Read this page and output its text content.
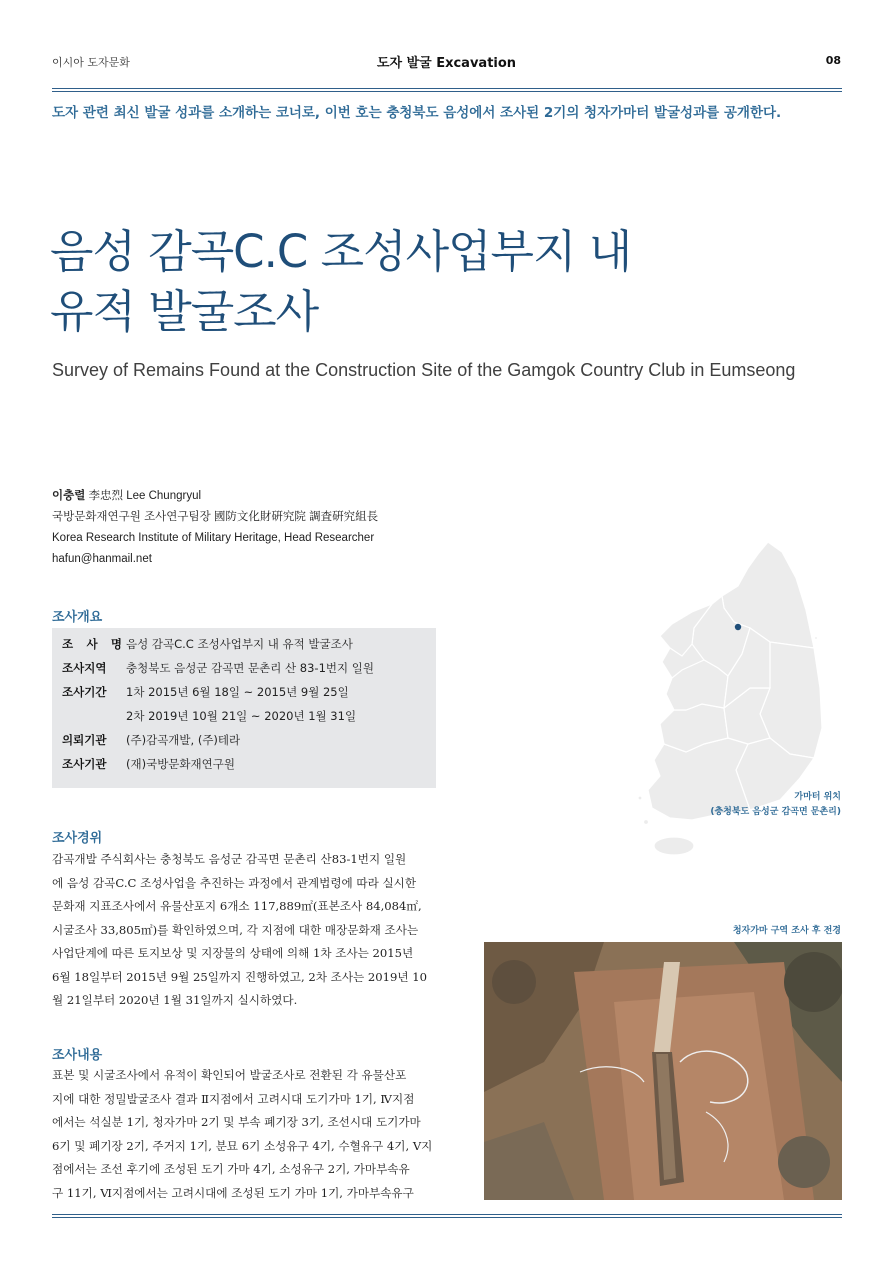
이시아 도자문화	도자 발굴 Excavation	08
도자 관련 최신 발굴 성과를 소개하는 코너로, 이번 호는 충청북도 음성에서 조사된 2기의 청자가마터 발굴성과를 공개한다.
음성 감곡C.C 조성사업부지 내
유적 발굴조사
Survey of Remains Found at the Construction Site of the Gamgok Country Club in Eumseong
이충렬 李忠烈 Lee Chungryul
국방문화재연구원 조사연구팀장 國防文化財硏究院 調査硏究組長
Korea Research Institute of Military Heritage, Head Researcher
hafun@hanmail.net
조사개요
조 사 명 음성 감곡C.C 조성사업부지 내 유적 발굴조사
조사지역	충청북도 음성군 감곡면 문촌리 산 83-1번지 일원
조사기간	1차 2015년 6월 18일 ~ 2015년 9월 25일
2차 2019년 10월 21일 ~ 2020년 1월 31일
의뢰기관	(주)감곡개발, (주)테라
조사기관	(재)국방문화재연구원
조사경위
감곡개발 주식회사는 충청북도 음성군 감곡면 문촌리 산83-1번지 일원
에 음성 감곡C.C 조성사업을 추진하는 과정에서 관계법령에 따라 실시한
문화재 지표조사에서 유물산포지 6개소 117,889㎡(표본조사 84,084㎡,
시굴조사 33,805㎡)를 확인하였으며, 각 지점에 대한 매장문화재 조사는
사업단계에 따른 토지보상 및 지장물의 상태에 의해 1차 조사는 2015년
6월 18일부터 2015년 9월 25일까지 진행하였고, 2차 조사는 2019년 10
월 21일부터 2020년 1월 31일까지 실시하였다.
조사내용
표본 및 시굴조사에서 유적이 확인되어 발굴조사로 전환된 각 유물산포
지에 대한 정밀발굴조사 결과 Ⅱ지점에서 고려시대 도기가마 1기, Ⅳ지점
에서는 석실분 1기, 청자가마 2기 및 부속 폐기장 3기, 조선시대 도기가마
6기 및 폐기장 2기, 주거지 1기, 분묘 6기 소성유구 4기, 수혈유구 4기, Ⅴ지
점에서는 조선 후기에 조성된 도기 가마 4기, 소성유구 2기, 가마부속유
구 11기, Ⅵ지점에서는 고려시대에 조성된 도기 가마 1기, 가마부속유구
가마터 위치
(충청북도 음성군 감곡면 문촌리)
청자가마 구역 조사 후 전경
